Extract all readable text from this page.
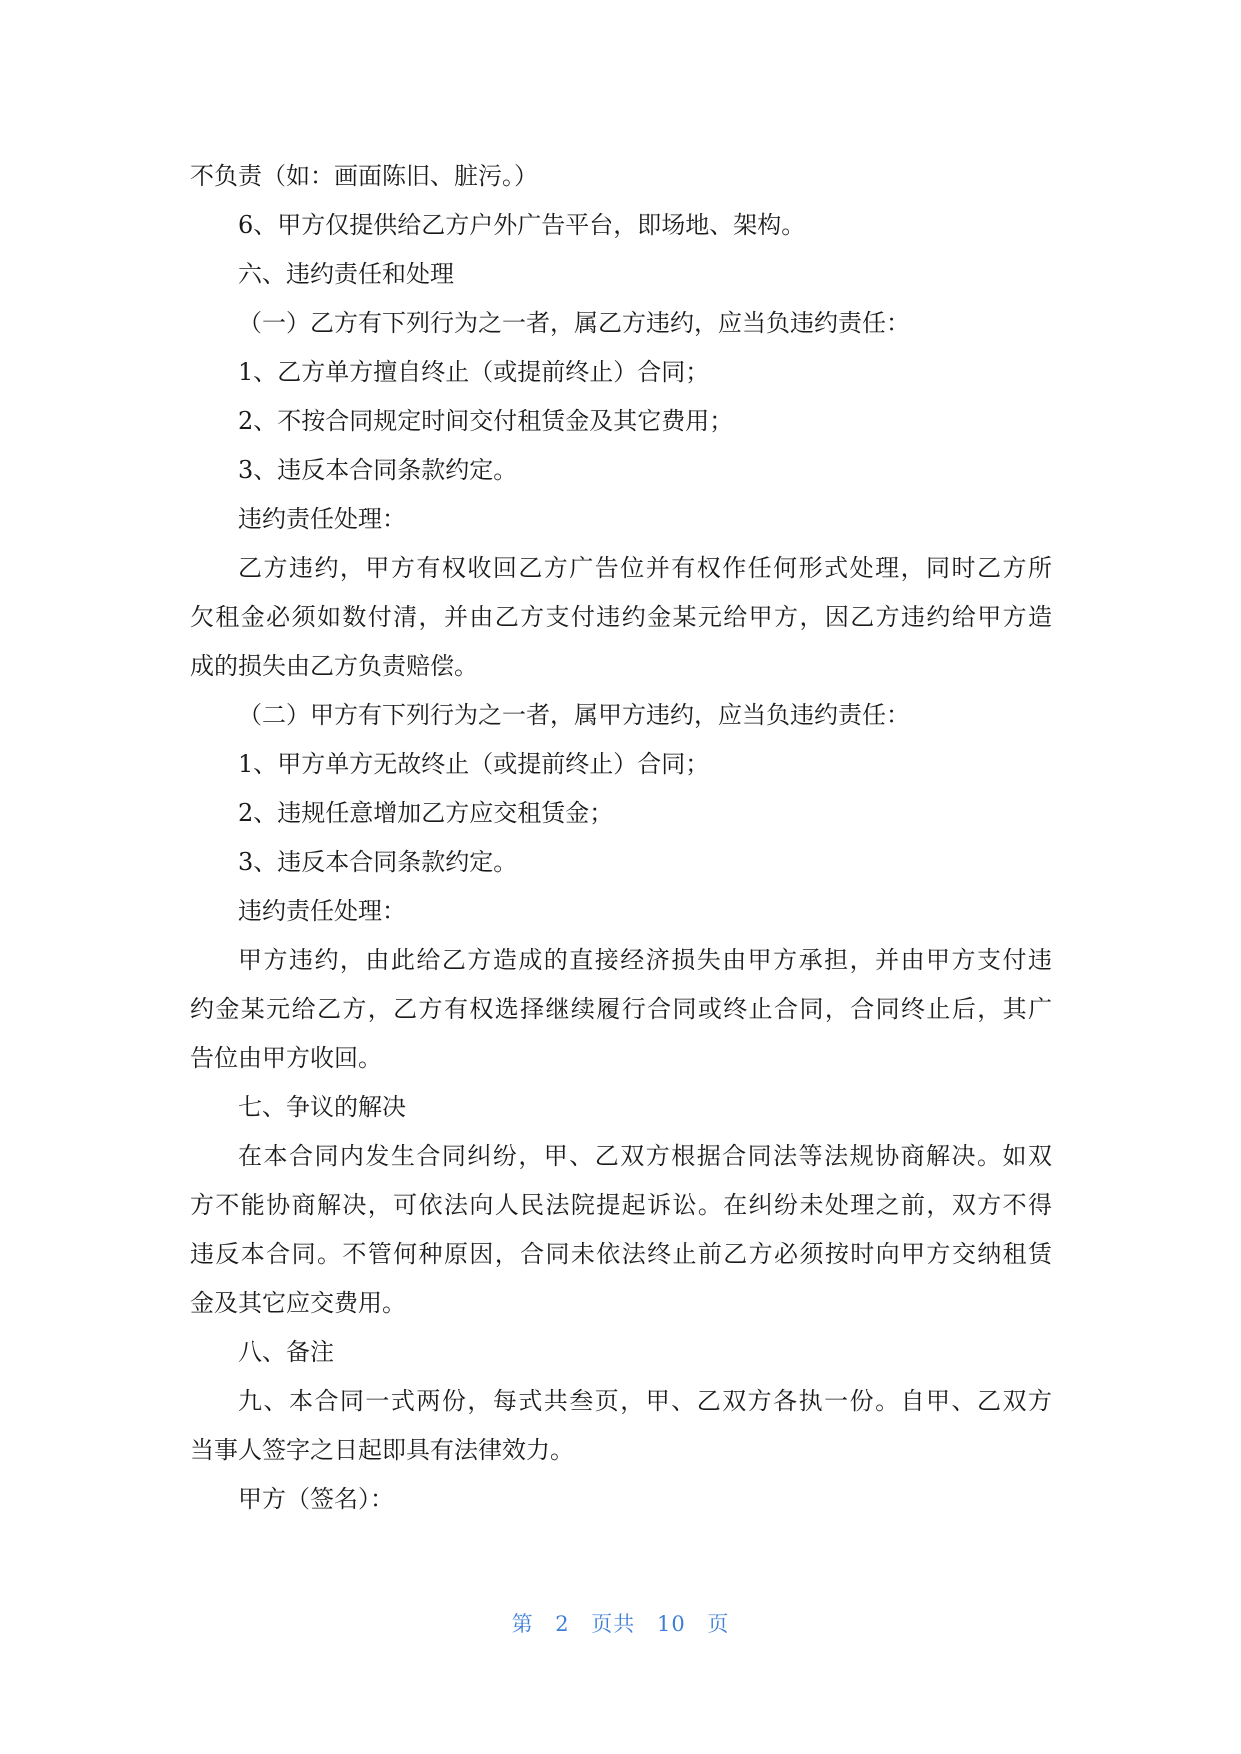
不负责（如：画面陈旧、脏污。）
6、甲方仅提供给乙方户外广告平台，即场地、架构。
六、违约责任和处理
（一）乙方有下列行为之一者，属乙方违约，应当负违约责任：
1、乙方单方擅自终止（或提前终止）合同；
2、不按合同规定时间交付租赁金及其它费用；
3、违反本合同条款约定。
违约责任处理：
乙方违约，甲方有权收回乙方广告位并有权作任何形式处理，同时乙方所
欠租金必须如数付清，并由乙方支付违约金某元给甲方，因乙方违约给甲方造
成的损失由乙方负责赔偿。
（二）甲方有下列行为之一者，属甲方违约，应当负违约责任：
1、甲方单方无故终止（或提前终止）合同；
2、违规任意增加乙方应交租赁金；
3、违反本合同条款约定。
违约责任处理：
甲方违约，由此给乙方造成的直接经济损失由甲方承担，并由甲方支付违
约金某元给乙方，乙方有权选择继续履行合同或终止合同，合同终止后，其广
告位由甲方收回。
七、争议的解决
在本合同内发生合同纠纷，甲、乙双方根据合同法等法规协商解决。如双
方不能协商解决，可依法向人民法院提起诉讼。在纠纷未处理之前，双方不得
违反本合同。不管何种原因，合同未依法终止前乙方必须按时向甲方交纳租赁
金及其它应交费用。
八、备注
九、本合同一式两份，每式共叁页，甲、乙双方各执一份。自甲、乙双方
当事人签字之日起即具有法律效力。
甲方（签名）：
第 2 页共 10 页
